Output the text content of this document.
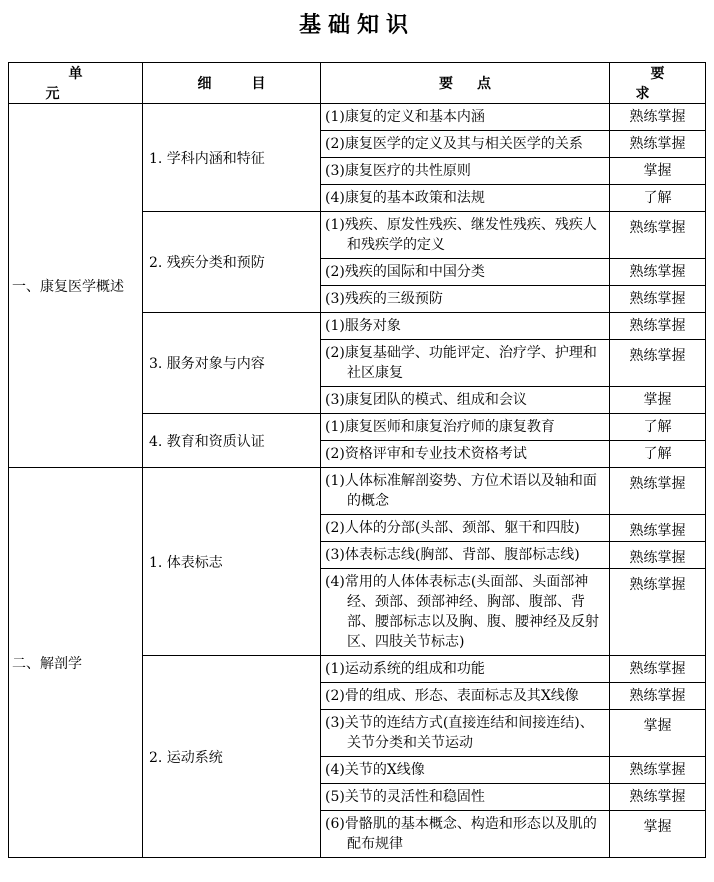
基础知识
单元	细目	要点	要求
一、康复医学概述	1. 学科内涵和特征	(1)康复的定义和基本内涵	熟练掌握

		(2)康复医学的定义及其与相关医学的关系	熟练掌握

		(3)康复医疗的共性原则	掌握

		(4)康复的基本政策和法规	了解
	2. 残疾分类和预防	(1)残疾、原发性残疾、继发性残疾、残疾人和残疾学的定义	熟练掌握

		(2)残疾的国际和中国分类	熟练掌握

		(3)残疾的三级预防	熟练掌握
	3. 服务对象与内容	(1)服务对象	熟练掌握

		(2)康复基础学、功能评定、治疗学、护理和社区康复	熟练掌握

		(3)康复团队的模式、组成和会议	掌握
	4. 教育和资质认证	(1)康复医师和康复治疗师的康复教育	了解

		(2)资格评审和专业技术资格考试	了解
二、解剖学	1. 体表标志	(1)人体标准解剖姿势、方位术语以及轴和面的概念	熟练掌握

		(2)人体的分部(头部、颈部、躯干和四肢)	熟练掌握

		(3)体表标志线(胸部、背部、腹部标志线)	熟练掌握

		(4)常用的人体体表标志(头面部、头面部神经、颈部、颈部神经、胸部、腹部、背部、腰部标志以及胸、腹、腰神经及反射区、四肢关节标志)	熟练掌握
	2. 运动系统	(1)运动系统的组成和功能	熟练掌握

		(2)骨的组成、形态、表面标志及其X线像	熟练掌握

		(3)关节的连结方式(直接连结和间接连结)、关节分类和关节运动	掌握

		(4)关节的X线像	熟练掌握

		(5)关节的灵活性和稳固性	熟练掌握

		(6)骨骼肌的基本概念、构造和形态以及肌的配布规律	掌握
